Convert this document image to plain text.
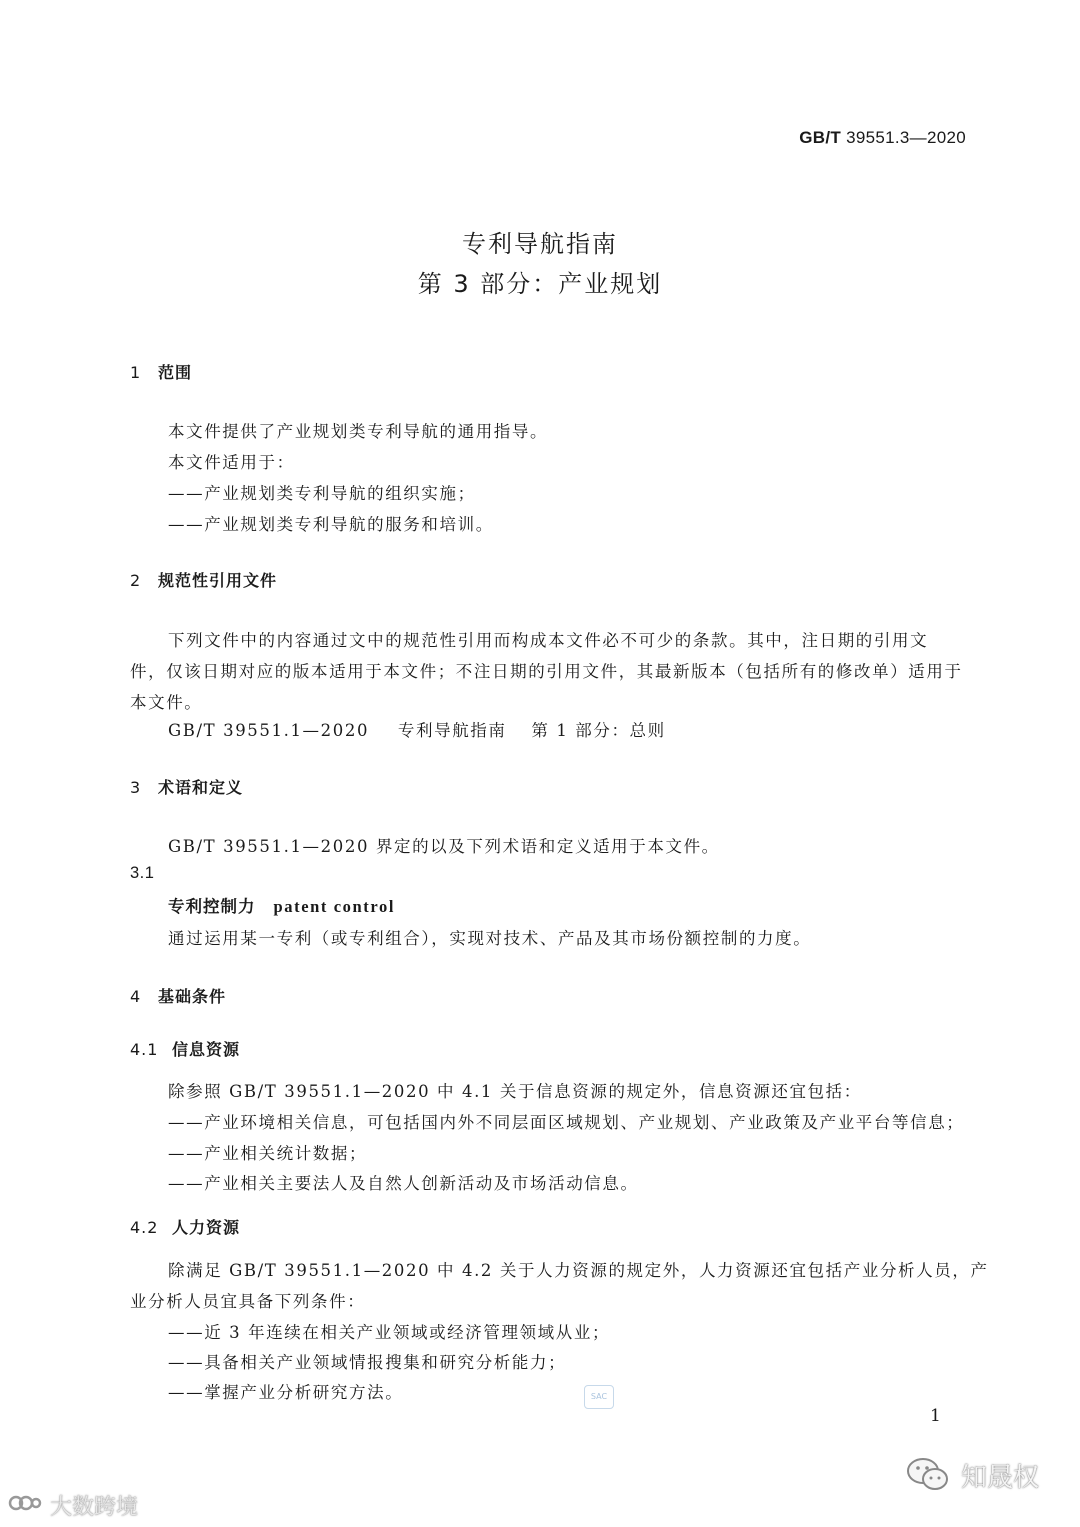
GB/T 39551.3—2020
专利导航指南
第 3 部分：产业规划
1 范围
本文件提供了产业规划类专利导航的通用指导。
本文件适用于：
——产业规划类专利导航的组织实施；
——产业规划类专利导航的服务和培训。
2 规范性引用文件
下列文件中的内容通过文中的规范性引用而构成本文件必不可少的条款。其中，注日期的引用文
件，仅该日期对应的版本适用于本文件；不注日期的引用文件，其最新版本（包括所有的修改单）适用于
本文件。
GB/T 39551.1—2020 专利导航指南 第 1 部分：总则
3 术语和定义
GB/T 39551.1—2020 界定的以及下列术语和定义适用于本文件。
3.1
专利控制力 patent control
通过运用某一专利（或专利组合），实现对技术、产品及其市场份额控制的力度。
4 基础条件
4.1 信息资源
除参照 GB/T 39551.1—2020 中 4.1 关于信息资源的规定外，信息资源还宜包括：
——产业环境相关信息，可包括国内外不同层面区域规划、产业规划、产业政策及产业平台等信息；
——产业相关统计数据；
——产业相关主要法人及自然人创新活动及市场活动信息。
4.2 人力资源
除满足 GB/T 39551.1—2020 中 4.2 关于人力资源的规定外，人力资源还宜包括产业分析人员，产
业分析人员宜具备下列条件：
——近 3 年连续在相关产业领域或经济管理领域从业；
——具备相关产业领域情报搜集和研究分析能力；
——掌握产业分析研究方法。	SAC
1
大数跨境
知晟权
